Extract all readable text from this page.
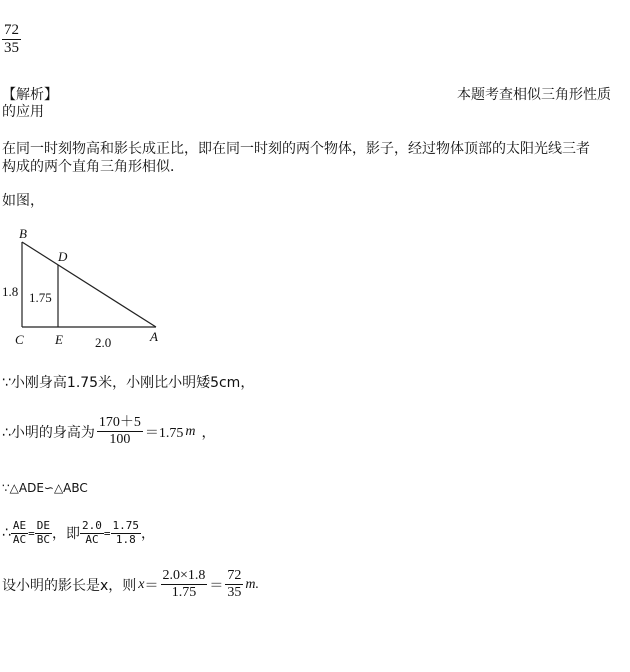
$\frac{72}{35}$
【解析】	本题考查相似三角形性质
的应用
在同一时刻物高和影长成正比，即在同一时刻的两个物体，影子，经过物体顶部的太阳光线三者
构成的两个直角三角形相似．
如图，
B
D
C E	A
1.8 1.75
2.0
∵小刚身高1.75米，小刚比小明矮5cm，
∴小明的身高为 $\frac{170+5}{100} =1.75$ m ，
∵△ADE∽△ABC
∴ $\frac{AE}{AC} = \frac{DE}{BC}$ ，即 $\frac{2.0}{AC} = \frac{1.75}{1.8}$ ，
设小明的影长是x，则 $x = \frac{2.0\times 1.8}{1.75} = \frac{72}{35} m$.
